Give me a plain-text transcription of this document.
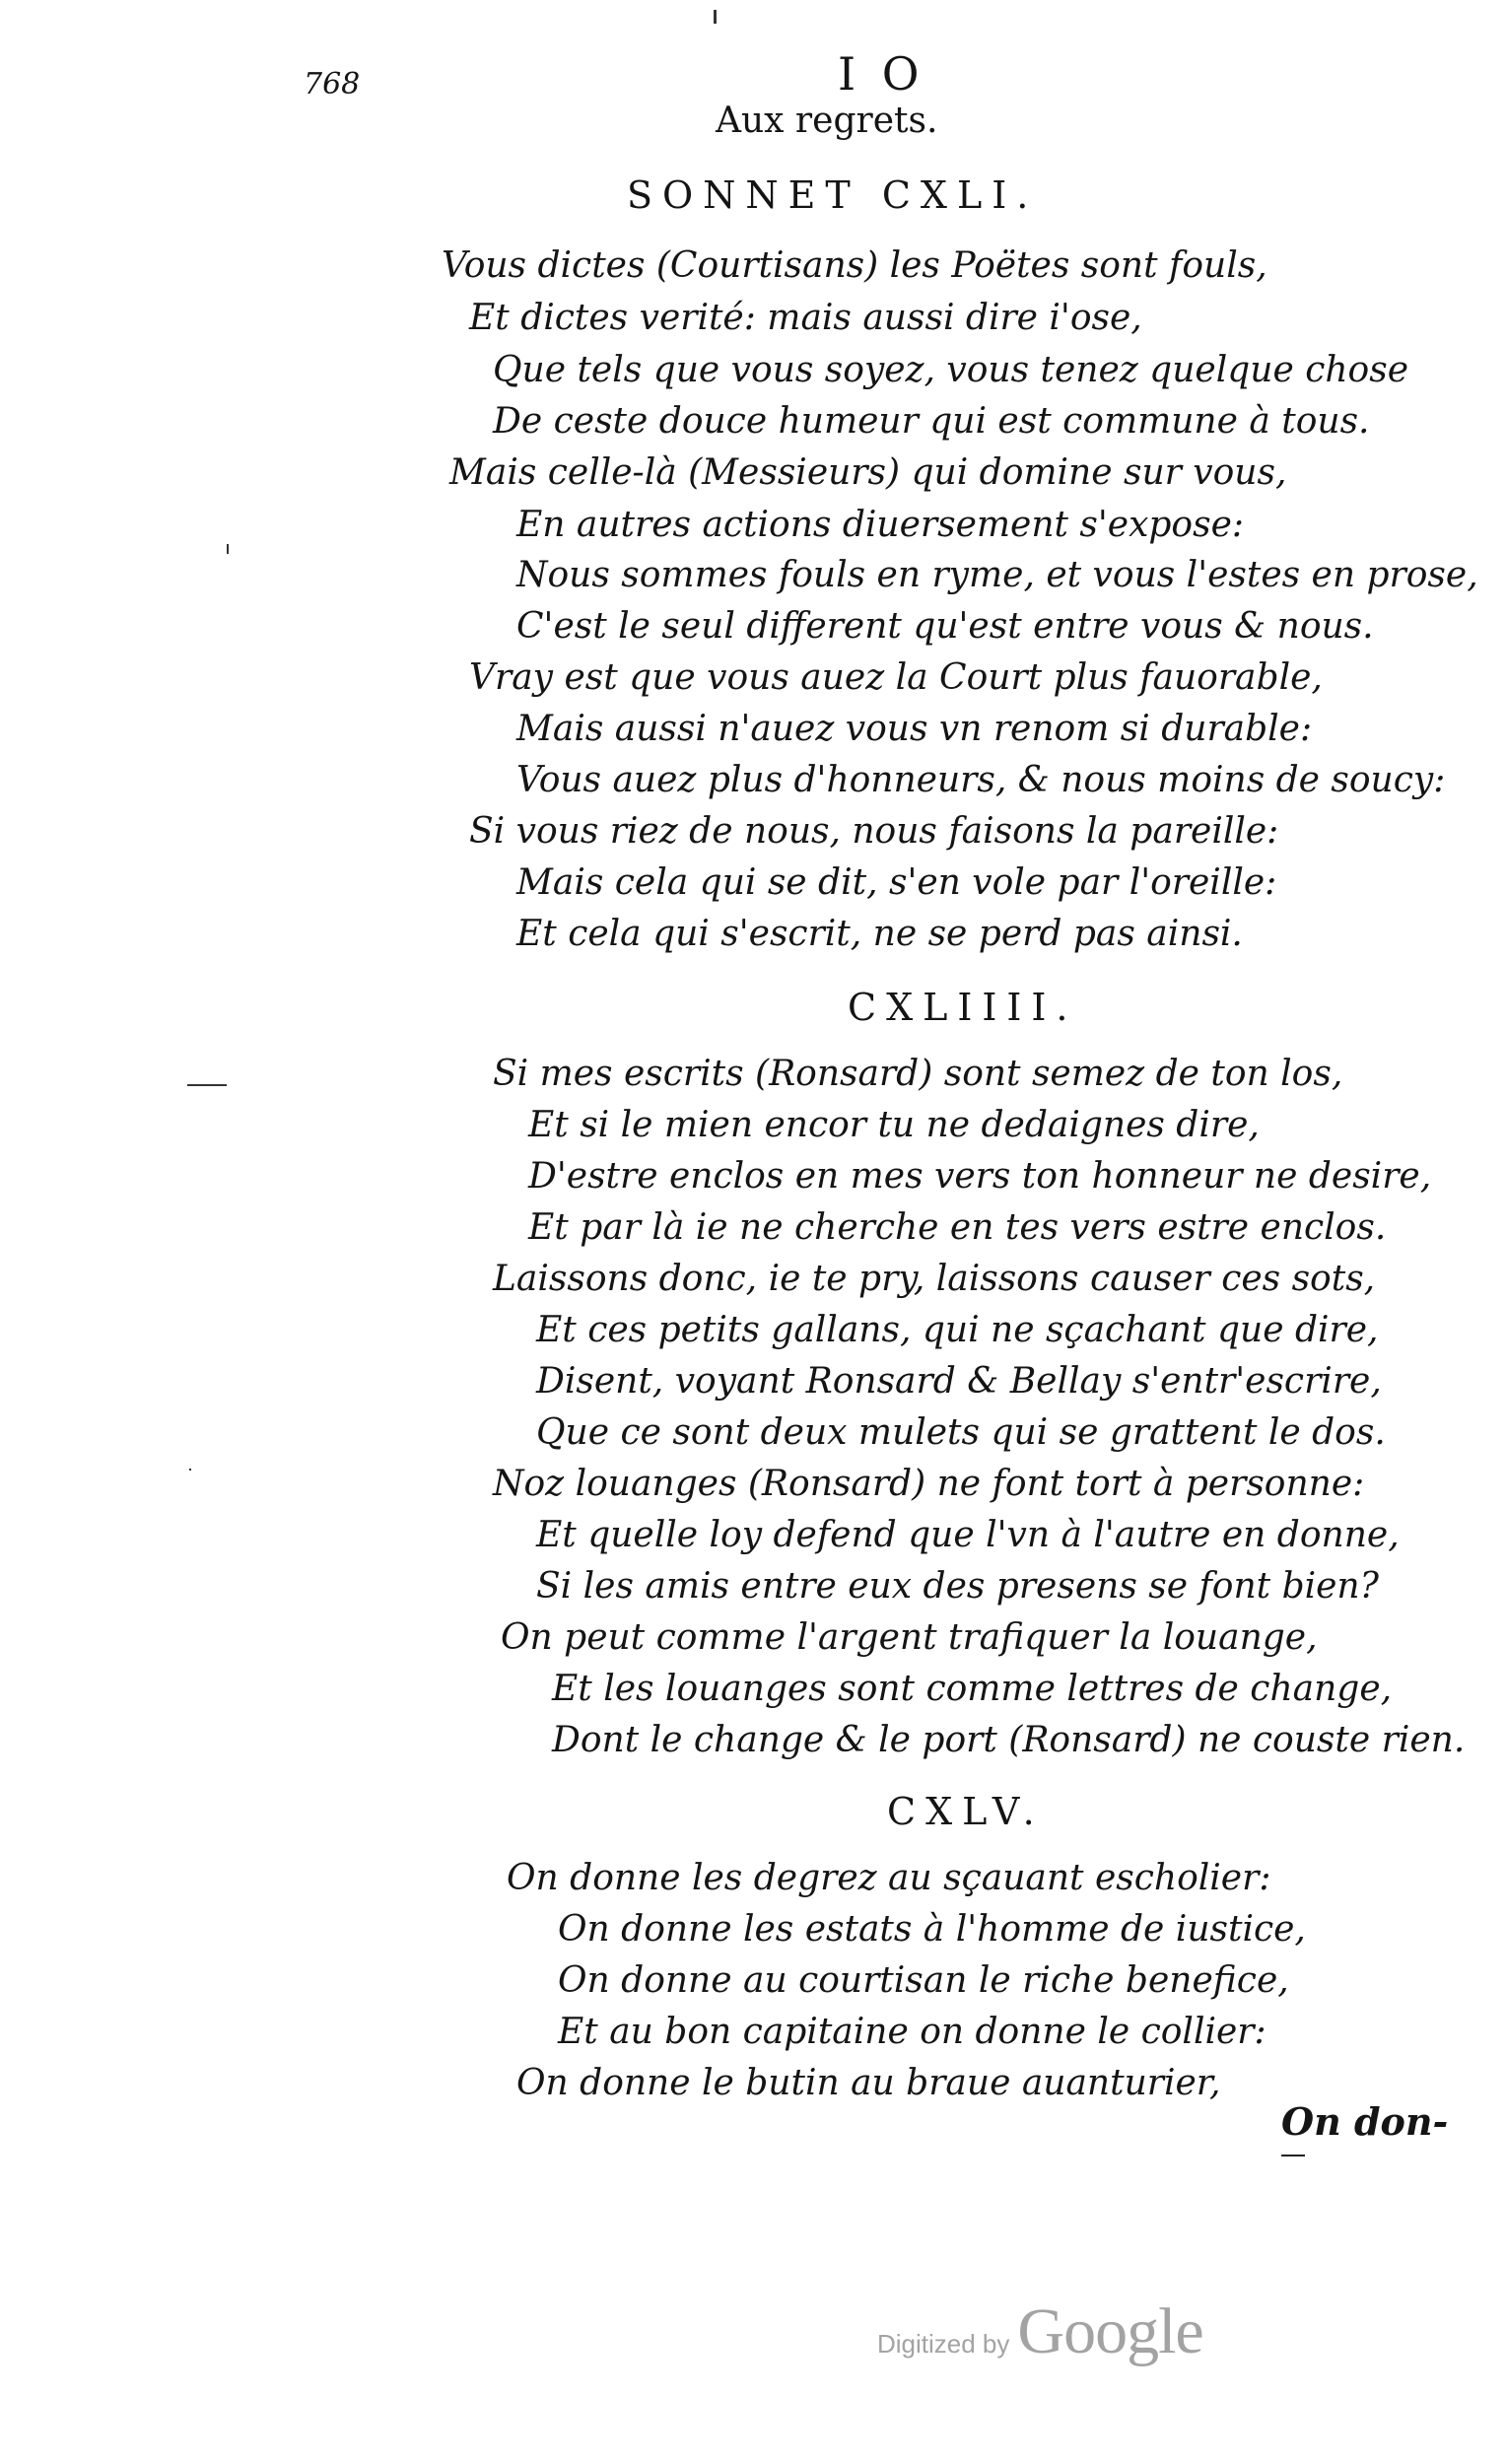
768	I O
Aux regrets.
SONNET CXLI.
Vous dictes (Courtisans) les Poëtes sont fouls,
Et dictes verité: mais aussi dire i'ose,
Que tels que vous soyez, vous tenez quelque chose
De ceste douce humeur qui est commune à tous.
Mais celle-là (Messieurs) qui domine sur vous,
En autres actions diuersement s'expose:
Nous sommes fouls en ryme, et vous l'estes en prose,
C'est le seul different qu'est entre vous & nous.
Vray est que vous auez la Court plus fauorable,
Mais aussi n'auez vous vn renom si durable:
Vous auez plus d'honneurs, & nous moins de soucy:
Si vous riez de nous, nous faisons la pareille:
Mais cela qui se dit, s'en vole par l'oreille:
Et cela qui s'escrit, ne se perd pas ainsi.
CXLIIII.
Si mes escrits (Ronsard) sont semez de ton los,
Et si le mien encor tu ne dedaignes dire,
D'estre enclos en mes vers ton honneur ne desire,
Et par là ie ne cherche en tes vers estre enclos.
Laissons donc, ie te pry, laissons causer ces sots,
Et ces petits gallans, qui ne sçachant que dire,
Disent, voyant Ronsard & Bellay s'entr'escrire,
Que ce sont deux mulets qui se grattent le dos.
Noz louanges (Ronsard) ne font tort à personne:
Et quelle loy defend que l'vn à l'autre en donne,
Si les amis entre eux des presens se font bien?
On peut comme l'argent trafiquer la louange,
Et les louanges sont comme lettres de change,
Dont le change & le port (Ronsard) ne couste rien.
CXLV.
On donne les degrez au sçauant escholier:
On donne les estats à l'homme de iustice,
On donne au courtisan le riche benefice,
Et au bon capitaine on donne le collier:
On donne le butin au braue auanturier,
On don-
Digitized by Google
